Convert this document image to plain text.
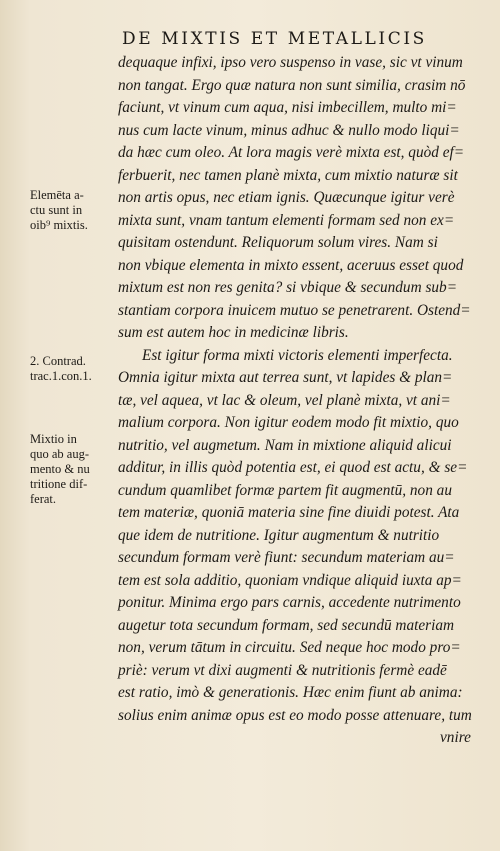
DE MIXTIS ET METALLICIS
dequaque infixi, ipso vero suspenso in vase, sic vt vinum
non tangat. Ergo quæ natura non sunt similia, crasim nō
faciunt, vt vinum cum aqua, nisi imbecillem, multo mi=
nus cum lacte vinum, minus adhuc & nullo modo liqui=
da hæc cum oleo. At lora magis verè mixta est, quòd ef=
ferbuerit, nec tamen planè mixta, cum mixtio naturæ sit
non artis opus, nec etiam ignis. Quæcunque igitur verè
mixta sunt, vnam tantum elementi formam sed non ex=
quisitam ostendunt. Reliquorum solum vires. Nam si
non vbique elementa in mixto essent, aceruus esset quod
mixtum est non res genita? si vbique & secundum sub=
stantiam corpora inuicem mutuo se penetrarent. Ostend=
sum est autem hoc in medicinæ libris.
Est igitur forma mixti victoris elementi imperfecta.
Omnia igitur mixta aut terrea sunt, vt lapides & plan=
tæ, vel aquea, vt lac & oleum, vel planè mixta, vt ani=
malium corpora. Non igitur eodem modo fit mixtio, quo
nutritio, vel augmetum. Nam in mixtione aliquid alicui
additur, in illis quòd potentia est, ei quod est actu, & se=
cundum quamlibet formæ partem fit augmentū, non au
tem materiæ, quoniā materia sine fine diuidi potest. Ata
que idem de nutritione. Igitur augmentum & nutritio
secundum formam verè fiunt: secundum materiam au=
tem est sola additio, quoniam vndique aliquid iuxta ap=
ponitur. Minima ergo pars carnis, accedente nutrimento
augetur tota secundum formam, sed secundū materiam
non, verum tātum in circuitu. Sed neque hoc modo pro=
priè: verum vt dixi augmenti & nutritionis fermè eadē
est ratio, imò & generationis. Hæc enim fiunt ab anima:
solius enim animæ opus est eo modo posse attenuare, tum
vnire
Elemēta a-
ctu sunt in
oib⁹ mixtis.
2. Contrad.
trac.1.con.1.
Mixtio in
quo ab aug-
mento & nu
tritione dif-
ferat.
